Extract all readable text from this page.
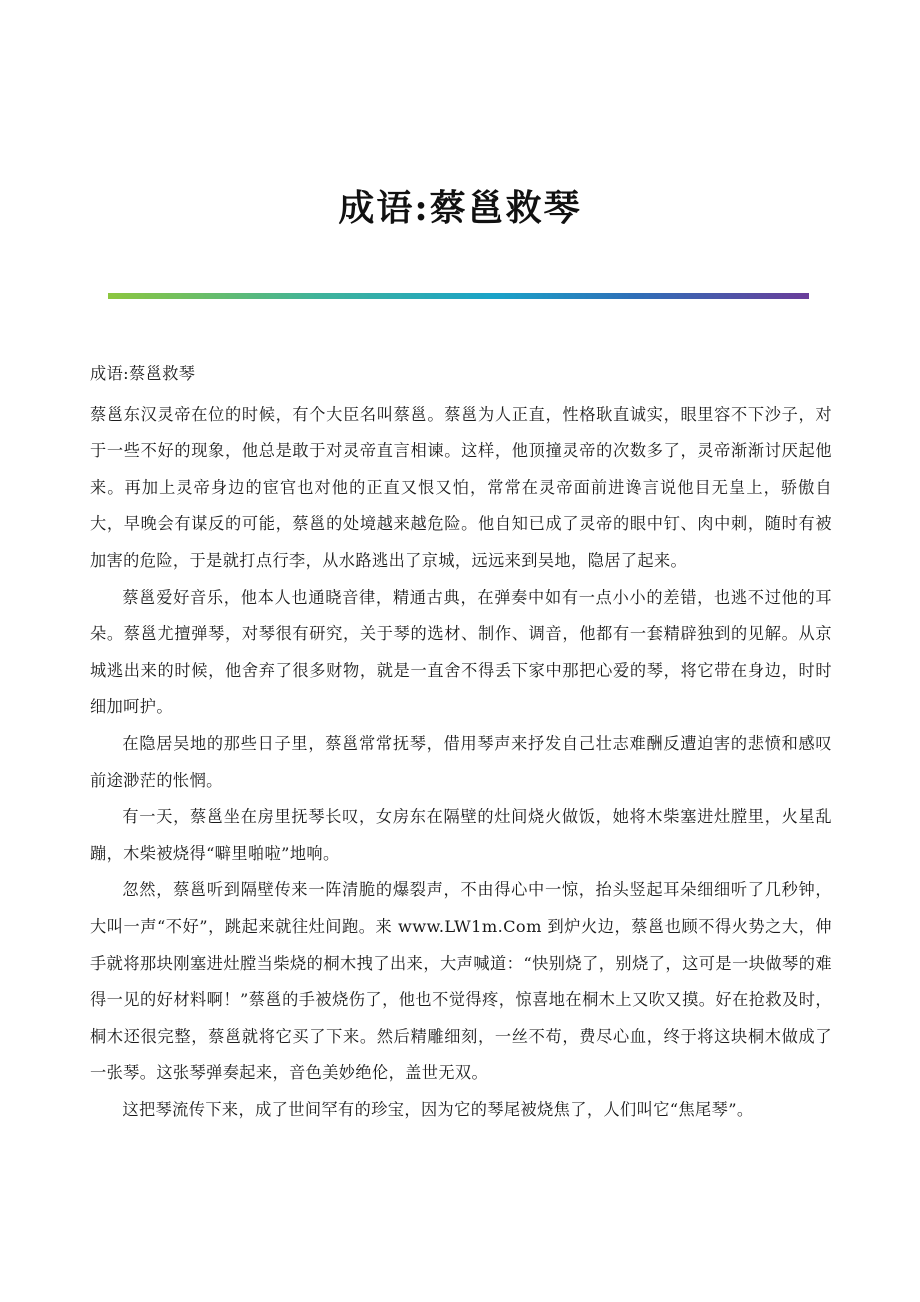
成语:蔡邕救琴

成语:蔡邕救琴

蔡邕东汉灵帝在位的时候，有个大臣名叫蔡邕。蔡邕为人正直，性格耿直诚实，眼里容不下沙子，对于一些不好的现象，他总是敢于对灵帝直言相谏。这样，他顶撞灵帝的次数多了，灵帝渐渐讨厌起他来。再加上灵帝身边的宦官也对他的正直又恨又怕，常常在灵帝面前进谗言说他目无皇上，骄傲自大，早晚会有谋反的可能，蔡邕的处境越来越危险。他自知已成了灵帝的眼中钉、肉中刺，随时有被加害的危险，于是就打点行李，从水路逃出了京城，远远来到吴地，隐居了起来。

蔡邕爱好音乐，他本人也通晓音律，精通古典，在弹奏中如有一点小小的差错，也逃不过他的耳朵。蔡邕尤擅弹琴，对琴很有研究，关于琴的选材、制作、调音，他都有一套精辟独到的见解。从京城逃出来的时候，他舍弃了很多财物，就是一直舍不得丢下家中那把心爱的琴，将它带在身边，时时细加呵护。

在隐居吴地的那些日子里，蔡邕常常抚琴，借用琴声来抒发自己壮志难酬反遭迫害的悲愤和感叹前途渺茫的怅惘。

有一天，蔡邕坐在房里抚琴长叹，女房东在隔壁的灶间烧火做饭，她将木柴塞进灶膛里，火星乱蹦，木柴被烧得“噼里啪啦”地响。

忽然，蔡邕听到隔壁传来一阵清脆的爆裂声，不由得心中一惊，抬头竖起耳朵细细听了几秒钟，大叫一声“不好”，跳起来就往灶间跑。来 www.LW1m.Com 到炉火边，蔡邕也顾不得火势之大，伸手就将那块刚塞进灶膛当柴烧的桐木拽了出来，大声喊道：“快别烧了，别烧了，这可是一块做琴的难得一见的好材料啊！”蔡邕的手被烧伤了，他也不觉得疼，惊喜地在桐木上又吹又摸。好在抢救及时，桐木还很完整，蔡邕就将它买了下来。然后精雕细刻，一丝不苟，费尽心血，终于将这块桐木做成了一张琴。这张琴弹奏起来，音色美妙绝伦，盖世无双。

这把琴流传下来，成了世间罕有的珍宝，因为它的琴尾被烧焦了，人们叫它“焦尾琴”。
